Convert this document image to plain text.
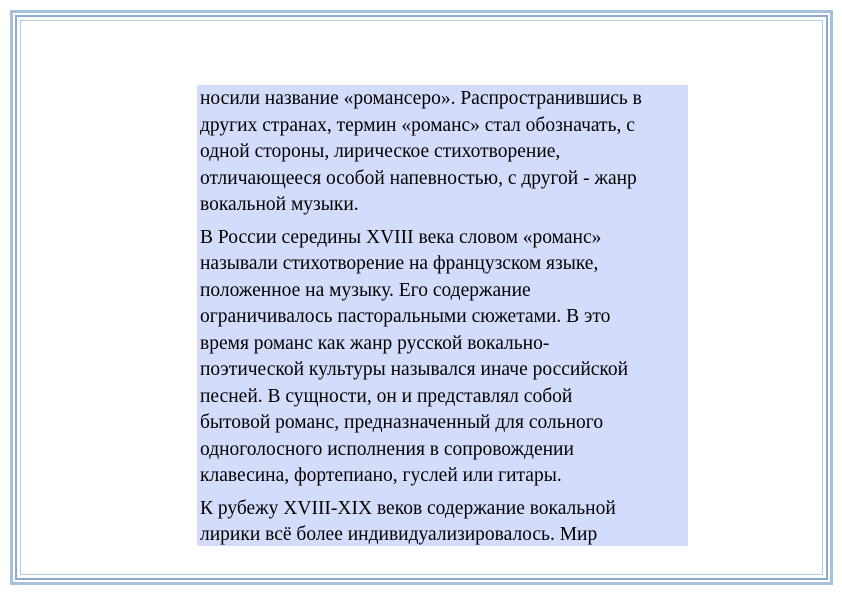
носили название «романсеро». Распространившись в
других странах, термин «романс» стал обозначать, с
одной стороны, лирическое стихотворение,
отличающееся особой напевностью, с другой - жанр
вокальной музыки.

В России середины XVIII века словом «романс»
называли стихотворение на французском языке,
положенное на музыку. Его содержание
ограничивалось пасторальными сюжетами. В это
время романс как жанр русской вокально-
поэтической культуры назывался иначе российской
песней. В сущности, он и представлял собой
бытовой романс, предназначенный для сольного
одноголосного исполнения в сопровождении
клавесина, фортепиано, гуслей или гитары.

К рубежу XVIII-XIX веков содержание вокальной
лирики всё более индивидуализировалось. Мир
